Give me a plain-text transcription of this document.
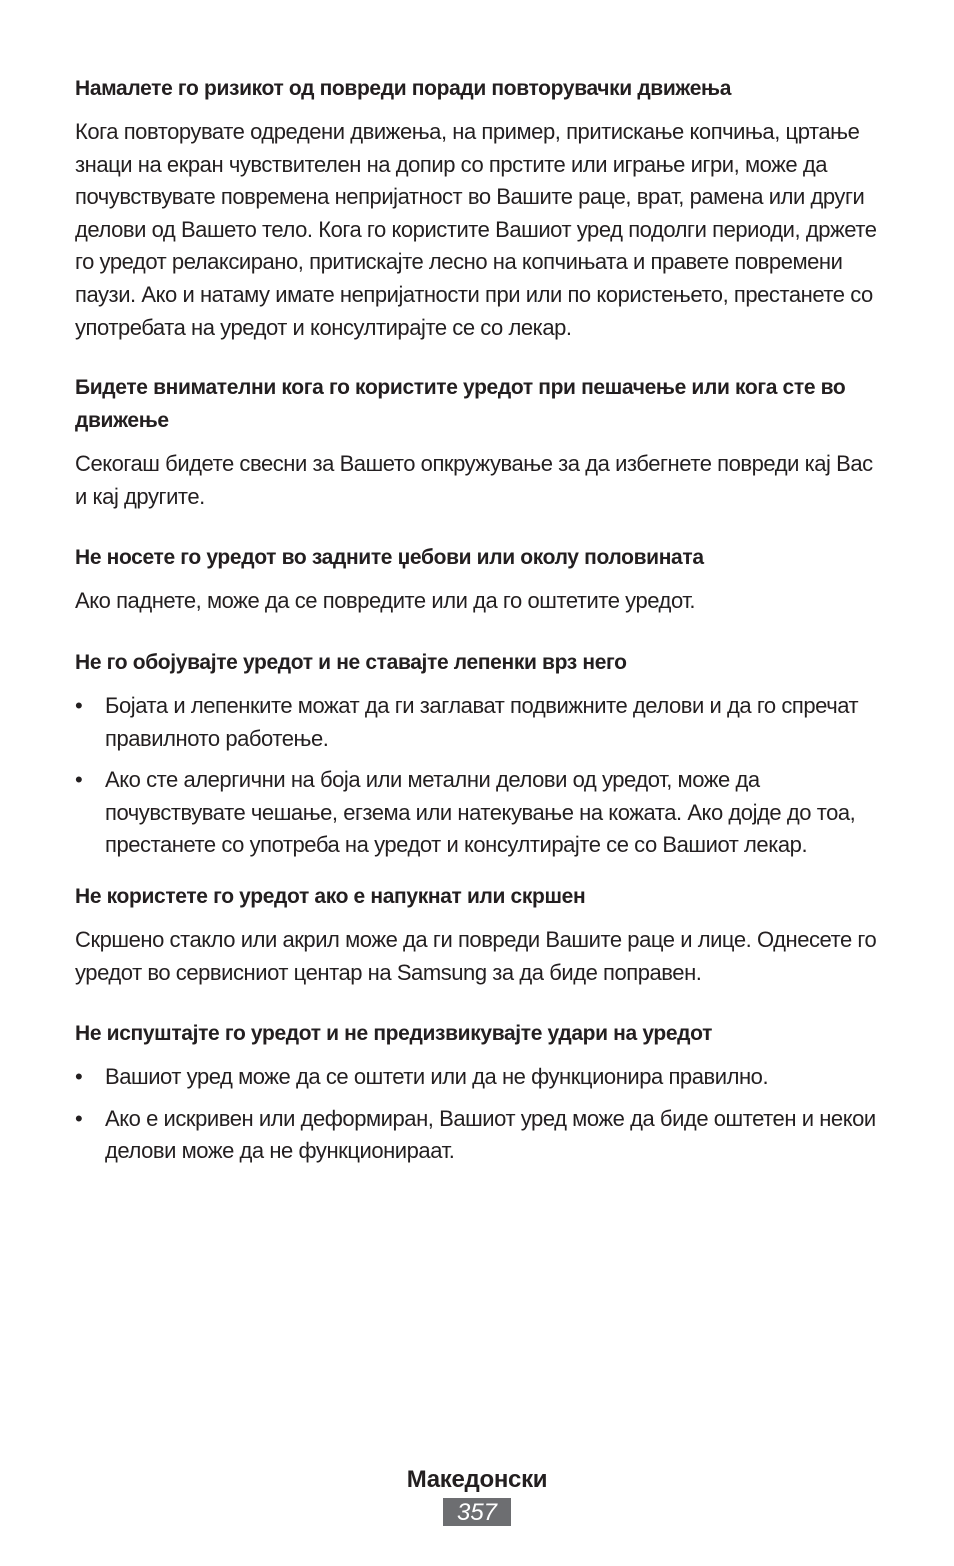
Намалете го ризикот од повреди поради повторувачки движења

Кога повторувате одредени движења, на пример, притискање копчиња, цртање знаци на екран чувствителен на допир со прстите или играње игри, може да почувствувате повремена непријатност во Вашите раце, врат, рамена или други делови од Вашето тело. Кога го користите Вашиот уред подолги периоди, држете го уредот релаксирано, притискајте лесно на копчињата и правете повремени паузи. Ако и натаму имате непријатности при или по користењето, престанете со употребата на уредот и консултирајте се со лекар.

Бидете внимателни кога го користите уредот при пешачење или кога сте во движење

Секогаш бидете свесни за Вашето опкружување за да избегнете повреди кај Вас и кај другите.

Не носете го уредот во задните џебови или околу половината

Ако паднете, може да се повредите или да го оштетите уредот.

Не го обојувајте уредот и не ставајте лепенки врз него

• Бојата и лепенките можат да ги заглават подвижните делови и да го спречат правилното работење.
• Ако сте алергични на боја или метални делови од уредот, може да почувствувате чешање, егзема или натекување на кожата. Ако дојде до тоа, престанете со употреба на уредот и консултирајте се со Вашиот лекар.

Не користете го уредот ако е напукнат или скршен

Скршено стакло или акрил може да ги повреди Вашите раце и лице. Однесете го уредот во сервисниот центар на Samsung за да биде поправен.

Не испуштајте го уредот и не предизвикувајте удари на уредот

• Вашиот уред може да се оштети или да не функционира правилно.
• Ако е искривен или деформиран, Вашиот уред може да биде оштетен и некои делови може да не функционираат.
Македонски
357
